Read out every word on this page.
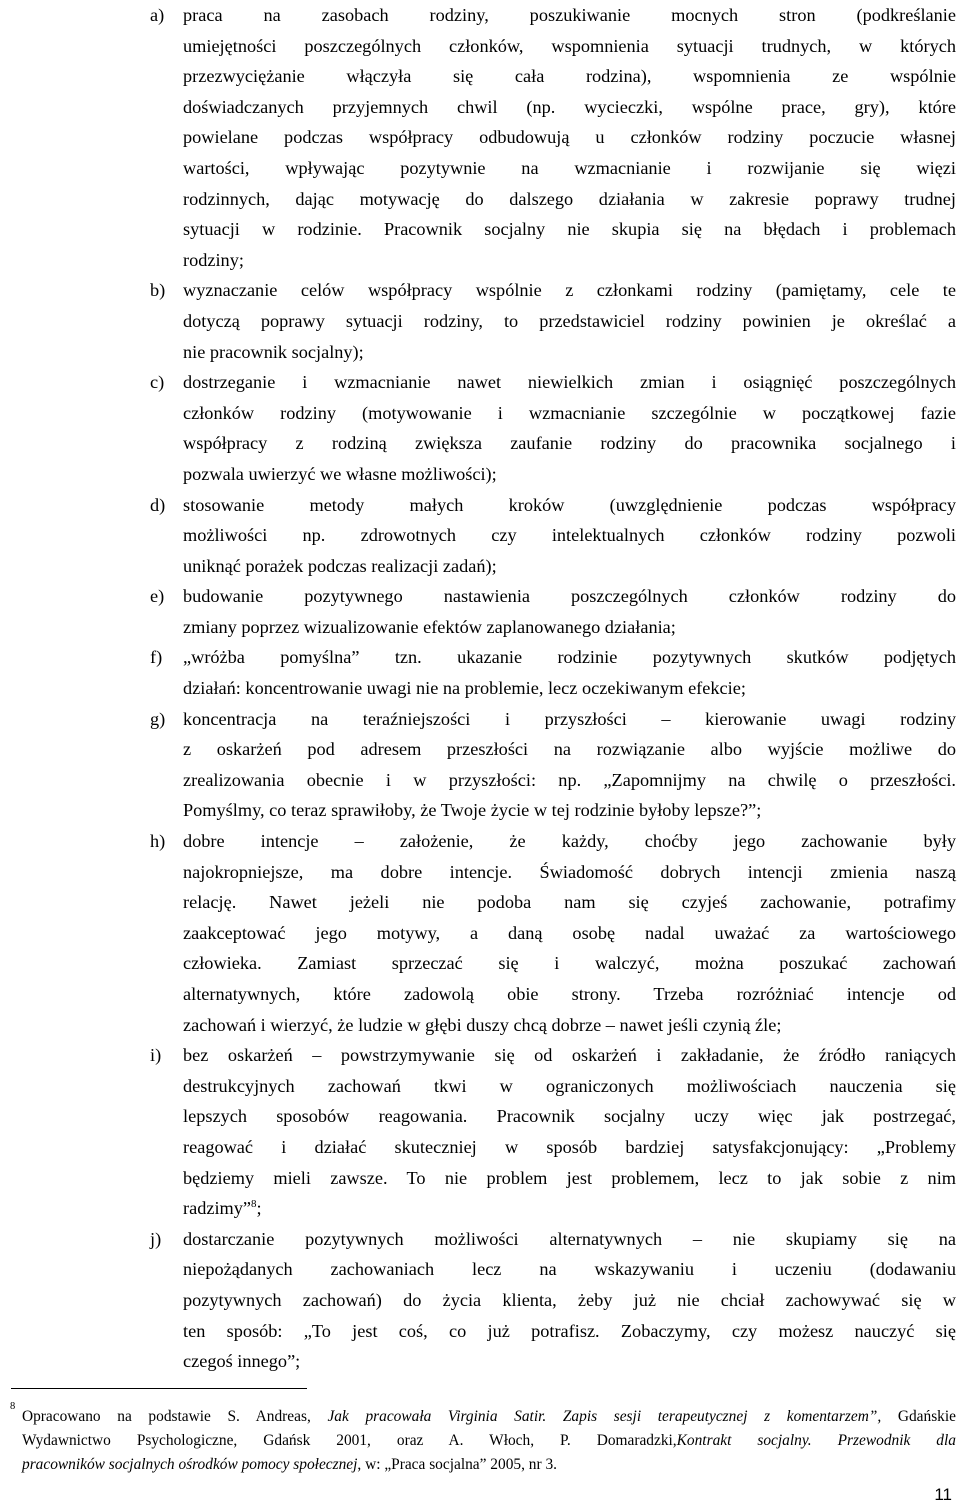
a) praca na zasobach rodziny, poszukiwanie mocnych stron (podkreślanie
umiejętności poszczególnych członków, wspomnienia sytuacji trudnych, w których
przezwyciężanie włączyła się cała rodzina), wspomnienia ze wspólnie
doświadczanych przyjemnych chwil (np. wycieczki, wspólne prace, gry), które
powielane podczas współpracy odbudowują u członków rodziny poczucie własnej
wartości, wpływając pozytywnie na wzmacnianie i rozwijanie się więzi
rodzinnych, dając motywację do dalszego działania w zakresie poprawy trudnej
sytuacji w rodzinie. Pracownik socjalny nie skupia się na błędach i problemach
rodziny;
b) wyznaczanie celów współpracy wspólnie z członkami rodziny (pamiętamy, cele te
dotyczą poprawy sytuacji rodziny, to przedstawiciel rodziny powinien je określać a
nie pracownik socjalny);
c) dostrzeganie i wzmacnianie nawet niewielkich zmian i osiągnięć poszczególnych
członków rodziny (motywowanie i wzmacnianie szczególnie w początkowej fazie
współpracy z rodziną zwiększa zaufanie rodziny do pracownika socjalnego i
pozwala uwierzyć we własne możliwości);
d) stosowanie metody małych kroków (uwzględnienie podczas współpracy
możliwości np. zdrowotnych czy intelektualnych członków rodziny pozwoli
uniknąć porażek podczas realizacji zadań);
e) budowanie pozytywnego nastawienia poszczególnych członków rodziny do
zmiany poprzez wizualizowanie efektów zaplanowanego działania;
f) „wróżba pomyślna” tzn. ukazanie rodzinie pozytywnych skutków podjętych
działań: koncentrowanie uwagi nie na problemie, lecz oczekiwanym efekcie;
g) koncentracja na teraźniejszości i przyszłości – kierowanie uwagi rodziny
z oskarżeń pod adresem przeszłości na rozwiązanie albo wyjście możliwe do
zrealizowania obecnie i w przyszłości: np. „Zapomnijmy na chwilę o przeszłości.
Pomyślmy, co teraz sprawiłoby, że Twoje życie w tej rodzinie byłoby lepsze?”;
h) dobre intencje – założenie, że każdy, choćby jego zachowanie były
najokropniejsze, ma dobre intencje. Świadomość dobrych intencji zmienia naszą
relację. Nawet jeżeli nie podoba nam się czyjeś zachowanie, potrafimy
zaakceptować jego motywy, a daną osobę nadal uważać za wartościowego
człowieka. Zamiast sprzeczać się i walczyć, można poszukać zachowań
alternatywnych, które zadowolą obie strony. Trzeba rozróżniać intencje od
zachowań i wierzyć, że ludzie w głębi duszy chcą dobrze – nawet jeśli czynią źle;
i) bez oskarżeń – powstrzymywanie się od oskarżeń i zakładanie, że źródło raniących
destrukcyjnych zachowań tkwi w ograniczonych możliwościach nauczenia się
lepszych sposobów reagowania. Pracownik socjalny uczy więc jak postrzegać,
reagować i działać skuteczniej w sposób bardziej satysfakcjonujący: „Problemy
będziemy mieli zawsze. To nie problem jest problemem, lecz to jak sobie z nim
radzimy”$^8$;
j) dostarczanie pozytywnych możliwości alternatywnych – nie skupiamy się na
niepożądanych zachowaniach lecz na wskazywaniu i uczeniu (dodawaniu
pozytywnych zachowań) do życia klienta, żeby już nie chciał zachowywać się w
ten sposób: „To jest coś, co już potrafisz. Zobaczymy, czy możesz nauczyć się
czegoś innego”;
8
Opracowano na podstawie S. Andreas, Jak pracowała Virginia Satir. Zapis sesji terapeutycznej z komentarzem”, Gdańskie
Wydawnictwo Psychologiczne, Gdańsk 2001, oraz A. Włoch, P. Domaradzki,Kontrakt socjalny. Przewodnik dla
pracowników socjalnych ośrodków pomocy społecznej, w: „Praca socjalna” 2005, nr 3.
11
